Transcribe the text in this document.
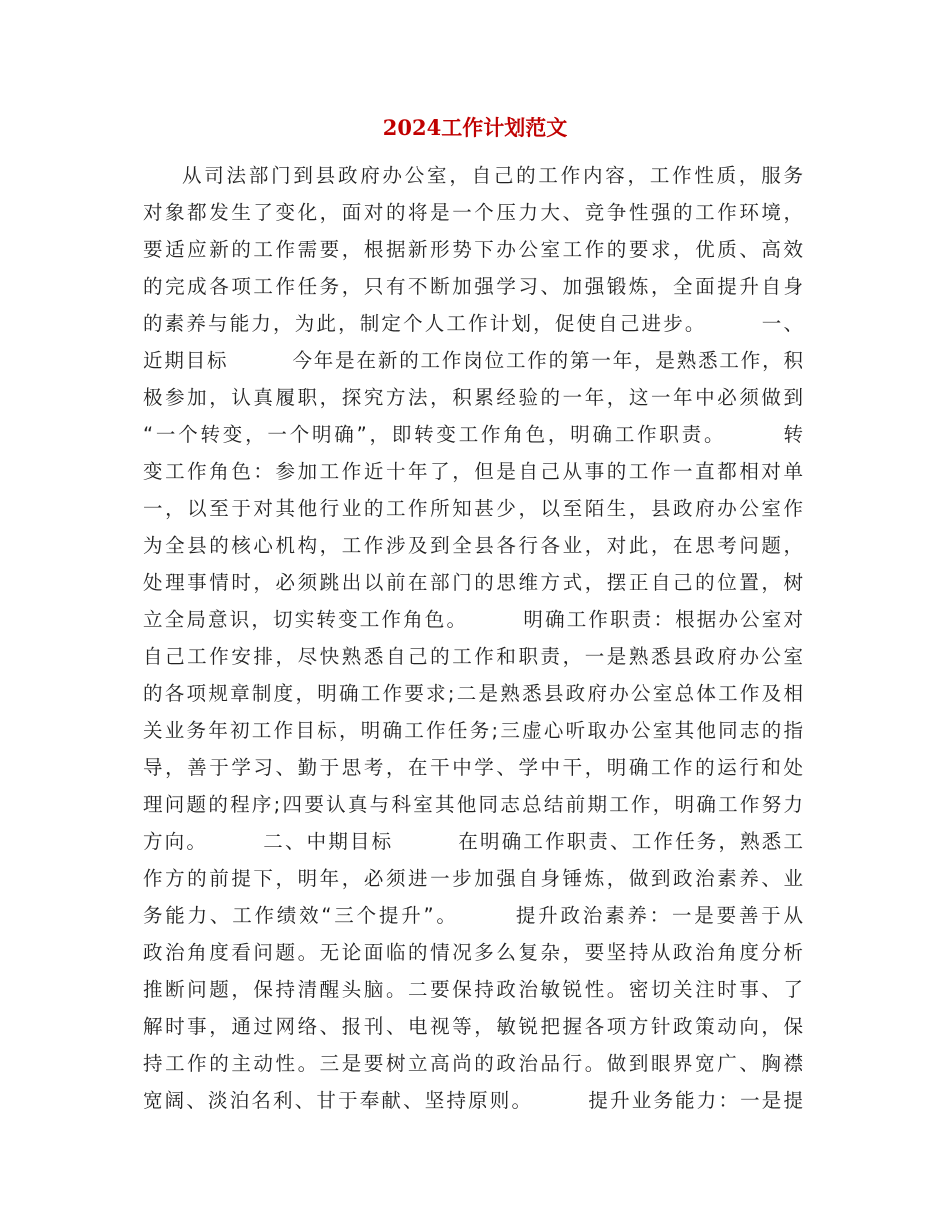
2024工作计划范文
从司法部门到县政府办公室，自己的工作内容，工作性质，服务
对象都发生了变化，面对的将是一个压力大、竞争性强的工作环境，
要适应新的工作需要，根据新形势下办公室工作的要求，优质、高效
的完成各项工作任务，只有不断加强学习、加强锻炼，全面提升自身
的素养与能力，为此，制定个人工作计划，促使自己进步。　　　一、
近期目标　　　今年是在新的工作岗位工作的第一年，是熟悉工作，积
极参加，认真履职，探究方法，积累经验的一年，这一年中必须做到
“一个转变，一个明确”，即转变工作角色，明确工作职责。　　　转
变工作角色：参加工作近十年了，但是自己从事的工作一直都相对单
一，以至于对其他行业的工作所知甚少，以至陌生，县政府办公室作
为全县的核心机构，工作涉及到全县各行各业，对此，在思考问题，
处理事情时，必须跳出以前在部门的思维方式，摆正自己的位置，树
立全局意识，切实转变工作角色。　　　明确工作职责：根据办公室对
自己工作安排，尽快熟悉自己的工作和职责，一是熟悉县政府办公室
的各项规章制度，明确工作要求;二是熟悉县政府办公室总体工作及相
关业务年初工作目标，明确工作任务;三虚心听取办公室其他同志的指
导，善于学习、勤于思考，在干中学、学中干，明确工作的运行和处
理问题的程序;四要认真与科室其他同志总结前期工作，明确工作努力
方向。　　　二、中期目标　　　在明确工作职责、工作任务，熟悉工
作方的前提下，明年，必须进一步加强自身锤炼，做到政治素养、业
务能力、工作绩效“三个提升”。　　　提升政治素养：一是要善于从
政治角度看问题。无论面临的情况多么复杂，要坚持从政治角度分析
推断问题，保持清醒头脑。二要保持政治敏锐性。密切关注时事、了
解时事，通过网络、报刊、电视等，敏锐把握各项方针政策动向，保
持工作的主动性。三是要树立高尚的政治品行。做到眼界宽广、胸襟
宽阔、淡泊名利、甘于奉献、坚持原则。　　　提升业务能力：一是提
